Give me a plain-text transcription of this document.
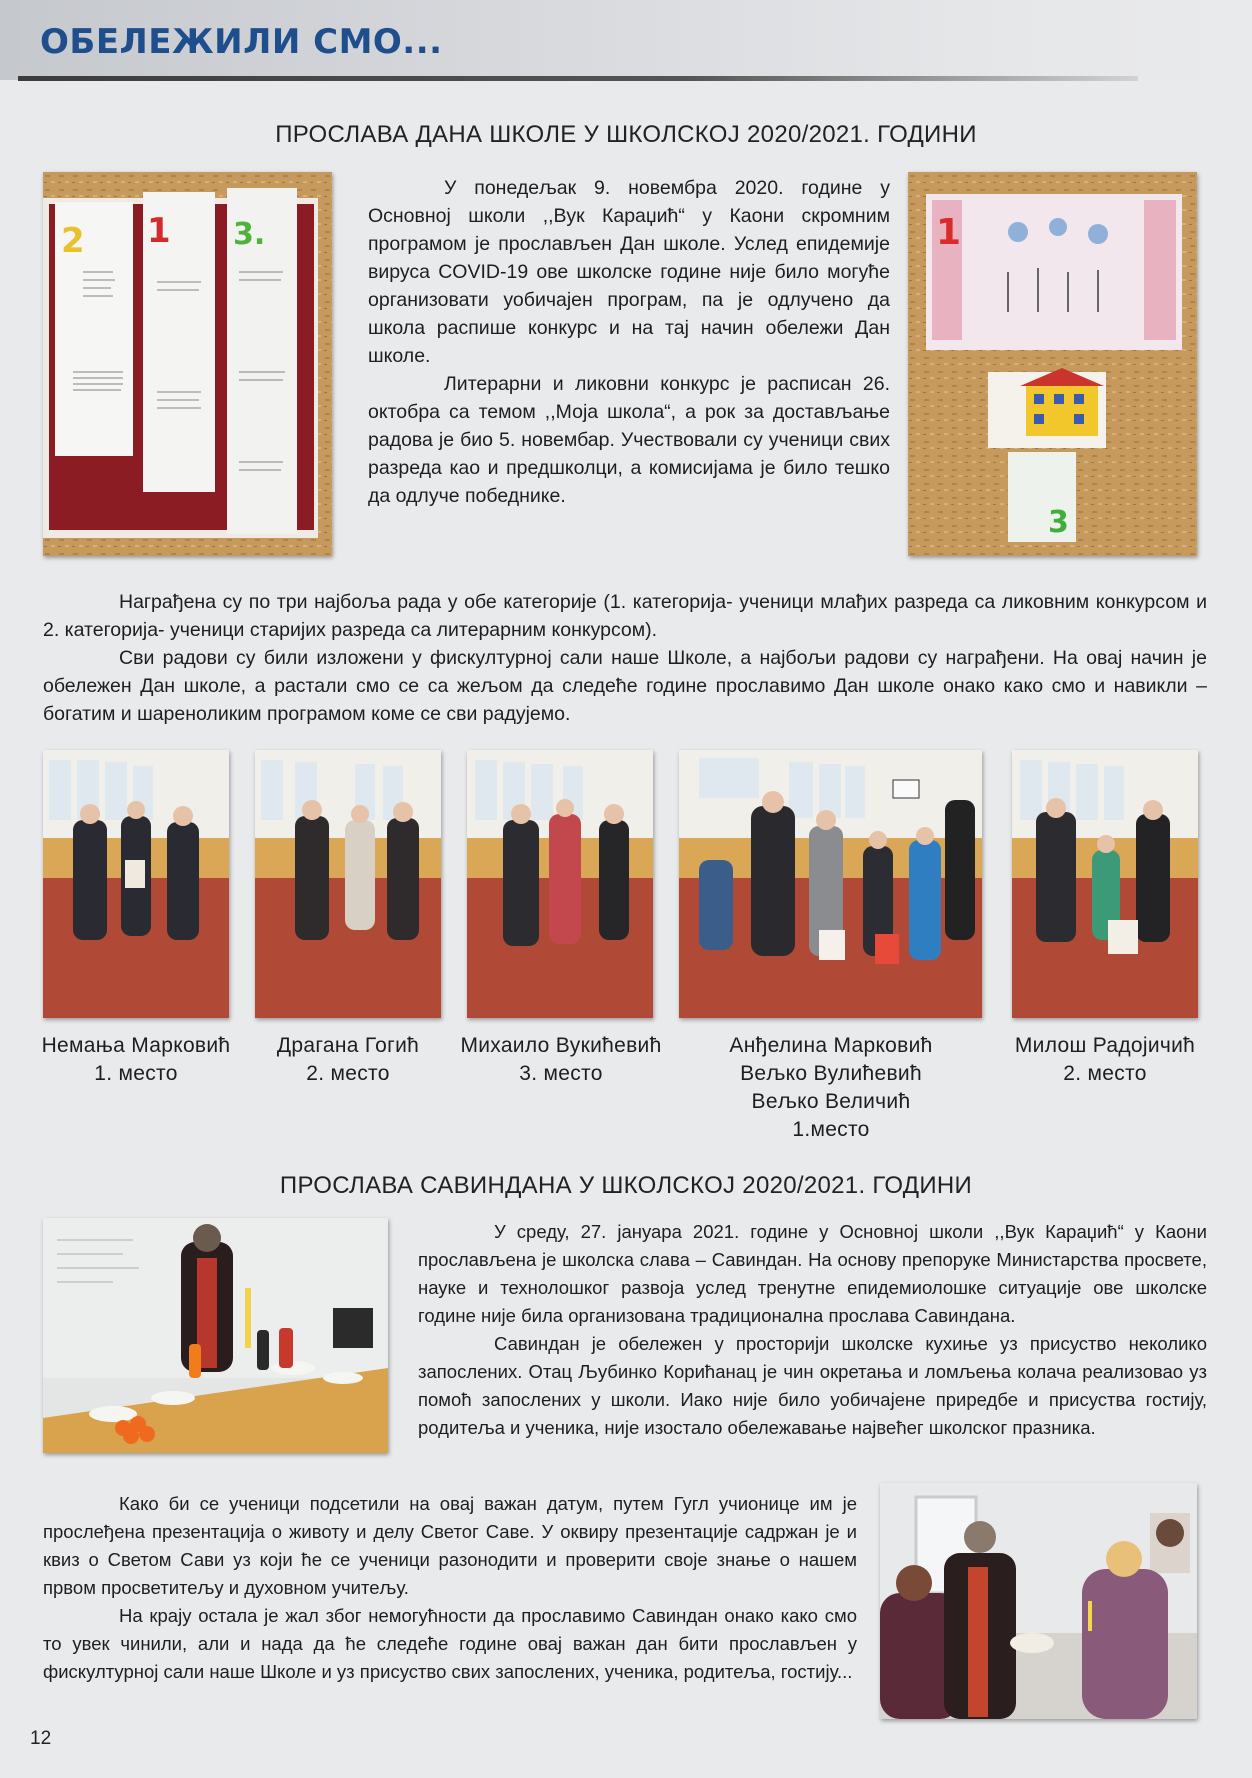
ОБЕЛЕЖИЛИ СМО...
ПРОСЛАВА ДАНА ШКОЛЕ У ШКОЛСКОЈ 2020/2021. ГОДИНИ
2 1 3.

У понедељак 9. новембра 2020. године у Основној школи ,,Вук Караџић“ у Каони скромним програмом је прослављен Дан школе. Услед епидемије вируса COVID-19 ове школске године није било могуће организовати уобичајен програм, па је одлучено да школа распише конкурс и на тај начин обележи Дан школе.

Литерарни и ликовни конкурс је расписан 26. октобра са темом ,,Моја школа“, а рок за достављање радова је био 5. новембар. Учествовали су ученици свих разреда као и предшколци, а комисијама је било тешко да одлуче победнике.

1
3

Награђена су по три најбоља рада у обе категорије (1. категорија- ученици млађих разреда са ликовним конкурсом и 2. категорија- ученици старијих разреда са литерарним конкурсом).

Сви радови су били изложени у фискултурној сали наше Школе, а најбољи радови су награђени. На овај начин је обележен Дан школе, а растали смо се са жељом да следеће године прославимо Дан школе онако како смо и навикли – богатим и шареноликим програмом коме се сви радујемо.

Немања Марковић
1. место
Драгана Гогић
2. место
Михаило Вукићевић
3. место
Анђелина Марковић
Вељко Вулићевић
Вељко Величић
1.место
Милош Радојичић
2. место
ПРОСЛАВА САВИНДАНА У ШКОЛСКОЈ 2020/2021. ГОДИНИ

У среду, 27. јануара 2021. године у Основној школи ,,Вук Караџић“ у Каони прослављена је школска слава – Савиндан. На основу препоруке Министарства просвете, науке и технолошког развоја услед тренутне епидемиолошке ситуације ове школске године није била организована традиционална прослава Савиндана.

Савиндан је обележен у просторији школске кухиње уз присуство неколико запослених. Отац Љубинко Корићанац је чин окретања и ломљења колача реализовао уз помоћ запослених у школи. Иако није било уобичајене приредбе и присуства гостију, родитеља и ученика, није изостало обележавање највећег школског празника.

Како би се ученици подсетили на овај важан датум, путем Гугл учионице им је прослеђена презентација о животу и делу Светог Саве. У оквиру презентације садржан је и квиз о Светом Сави уз који ће се ученици разонодити и проверити своје знање о нашем првом просветитељу и духовном учитељу.

На крају остала је жал због немогућности да прославимо Савиндан онако како смо то увек чинили, али и нада да ће следеће године овај важан дан бити прослављен у фискултурној сали наше Школе и уз присуство свих запослених, ученика, родитеља, гостију...

12
